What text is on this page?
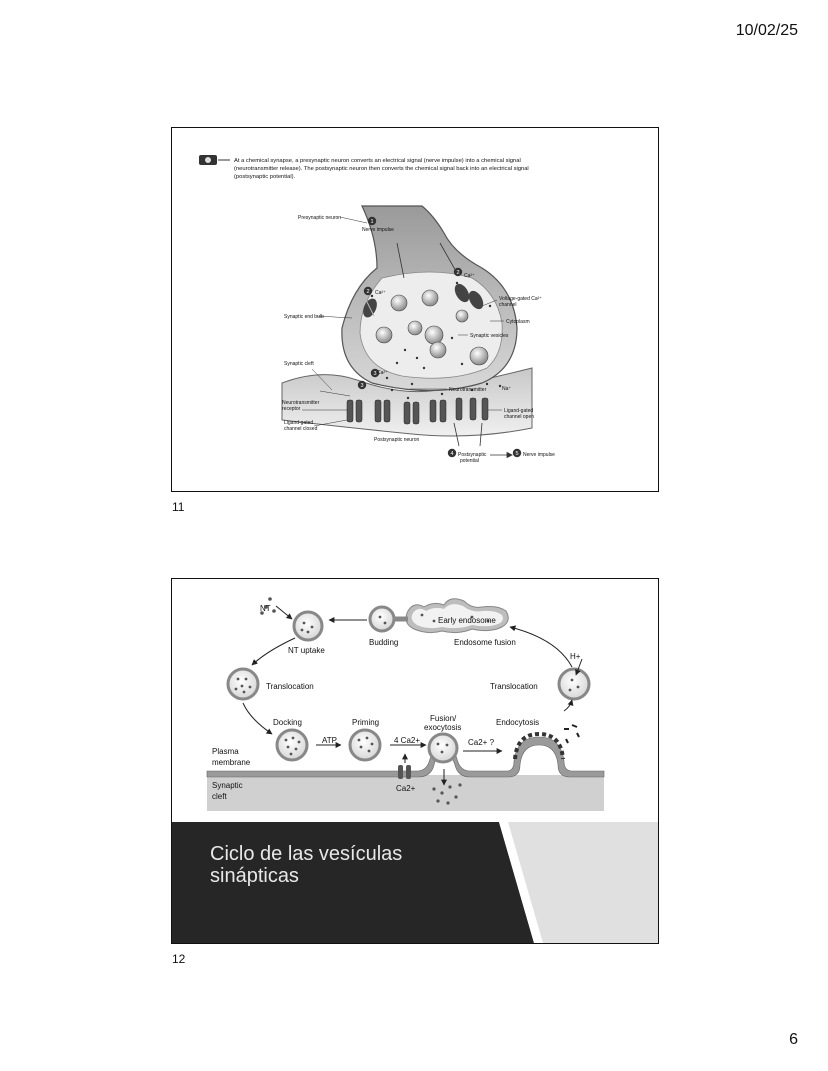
10/02/25
At a chemical synapse, a presynaptic neuron converts an electrical signal (nerve impulse) into a chemical signal
(neurotransmitter release). The postsynaptic neuron then converts the chemical signal back into an electrical signal
(postsynaptic potential).
1
2
2
3
3
4	5
Presynaptic neuron
Nerve impulse
Ca²⁺
Ca²⁺
Ca²⁺
Voltage-gated Ca²⁺
channel
Cytoplasm
Synaptic end bulb
Synaptic vesicles
Synaptic cleft
Neurotransmitter	Na⁺
Neurotransmitter
receptor
Ligand-gated
channel closed
Ligand-gated
channel open
Postsynaptic neuron
Postsynaptic
potential
Nerve impulse
11
NT
Early endosome
Budding	Endosome fusion
NT uptake
H+
Translocation	Translocation
Docking
ATP
Priming
4 Ca2+
Fusion/
exocytosis
Ca2+ ?
Endocytosis
Plasma
membrane
Synaptic
cleft
Ca2+
Ciclo de las vesículas
sinápticas
12
6
